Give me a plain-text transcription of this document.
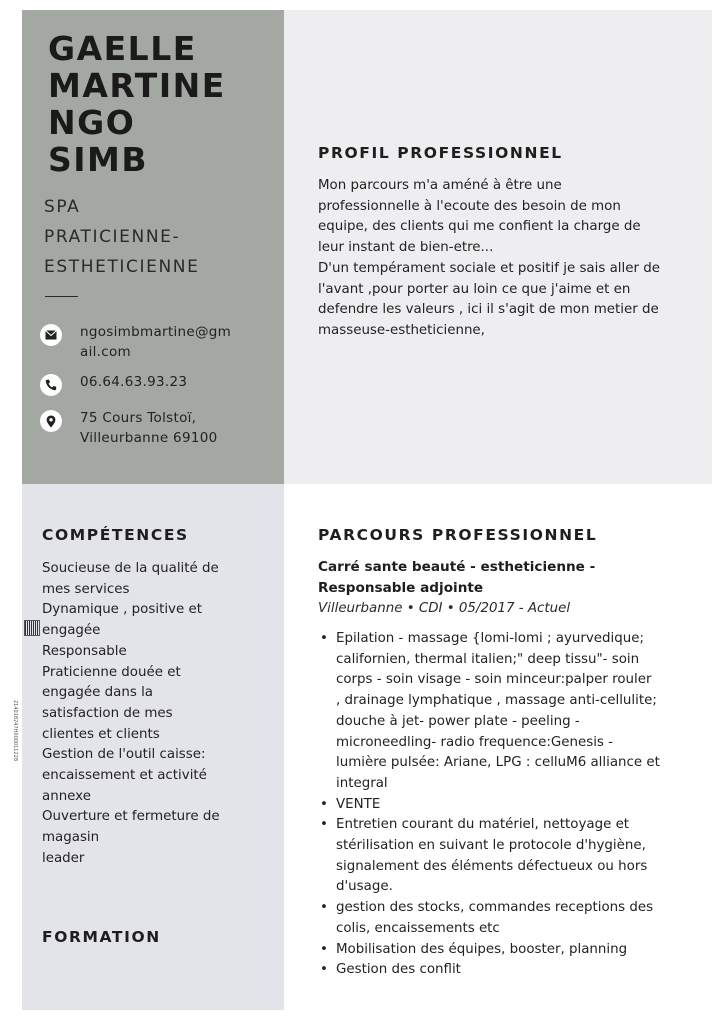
GAELLE
MARTINE
NGO
SIMB
SPA
PRATICIENNE-
ESTHETICIENNE
ngosimbmartine@gm
ail.com
06.64.63.93.23
75 Cours Tolstoï,
Villeurbanne 69100
PROFIL PROFESSIONNEL
Mon parcours m'a améné à être une
professionnelle à l'ecoute des besoin de mon
equipe, des clients qui me confient la charge de
leur instant de bien-etre...
D'un tempérament sociale et positif je sais aller de
l'avant ,pour porter au loin ce que j'aime et en
defendre les valeurs , ici il s'agit de mon metier de
masseuse-estheticienne,
COMPÉTENCES
Soucieuse de la qualité de
mes services
Dynamique , positive et
engagée
Responsable
Praticienne douée et
engagée dans la
satisfaction de mes
clientes et clients
Gestion de l'outil caisse:
encaissement et activité
annexe
Ouverture et fermeture de
magasin
leader
FORMATION
PARCOURS PROFESSIONNEL
Carré sante beauté - estheticienne -
Responsable adjointe
Villeurbanne • CDI • 05/2017 - Actuel
• Epilation - massage {lomi-lomi ; ayurvedique;
californien, thermal italien;" deep tissu"- soin
corps - soin visage - soin minceur:palper rouler
, drainage lymphatique , massage anti-cellulite;
douche à jet- power plate - peeling -
microneedling- radio frequence:Genesis -
lumière pulsée: Ariane, LPG : celluM6 alliance et
integral
• VENTE
• Entretien courant du matériel, nettoyage et
stérilisation en suivant le protocole d'hygiène,
signalement des éléments défectueux ou hors
d'usage.
• gestion des stocks, commandes receptions des
colis, encaissements etc
• Mobilisation des équipes, booster, planning
• Gestion des conflit
214018247H000011228
